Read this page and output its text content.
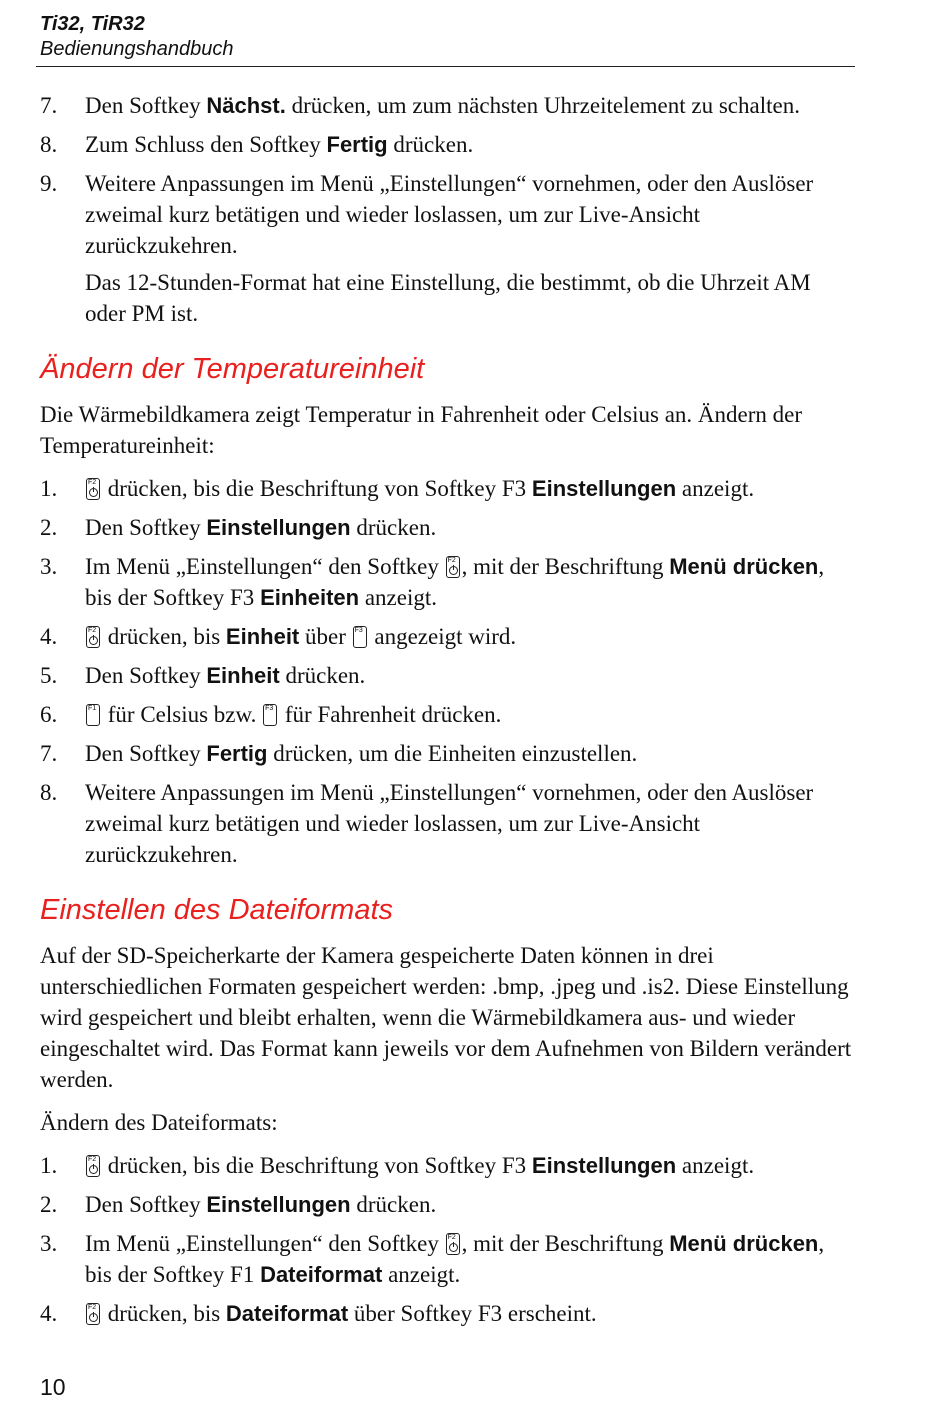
Ti32, TiR32
Bedienungshandbuch
7. Den Softkey Nächst. drücken, um zum nächsten Uhrzeitelement zu schalten.
8. Zum Schluss den Softkey Fertig drücken.
9. Weitere Anpassungen im Menü „Einstellungen“ vornehmen, oder den Auslöser zweimal kurz betätigen und wieder loslassen, um zur Live-Ansicht zurückzukehren.
Das 12-Stunden-Format hat eine Einstellung, die bestimmt, ob die Uhrzeit AM oder PM ist.
Ändern der Temperatureinheit
Die Wärmebildkamera zeigt Temperatur in Fahrenheit oder Celsius an. Ändern der Temperatureinheit:
1.	F2 drücken, bis die Beschriftung von Softkey F3 Einstellungen anzeigt.
2. Den Softkey Einstellungen drücken.
3. Im Menü „Einstellungen“ den Softkey F2 , mit der Beschriftung Menü drücken, bis der Softkey F3 Einheiten anzeigt.
4.	F2 drücken, bis Einheit über F3 angezeigt wird.
5. Den Softkey Einheit drücken.
6.	F1 für Celsius bzw. F3 für Fahrenheit drücken.
7. Den Softkey Fertig drücken, um die Einheiten einzustellen.
8. Weitere Anpassungen im Menü „Einstellungen“ vornehmen, oder den Auslöser zweimal kurz betätigen und wieder loslassen, um zur Live-Ansicht zurückzukehren.
Einstellen des Dateiformats
Auf der SD-Speicherkarte der Kamera gespeicherte Daten können in drei unterschiedlichen Formaten gespeichert werden: .bmp, .jpeg und .is2. Diese Einstellung wird gespeichert und bleibt erhalten, wenn die Wärmebildkamera aus- und wieder eingeschaltet wird. Das Format kann jeweils vor dem Aufnehmen von Bildern verändert werden.
Ändern des Dateiformats:
1.	F2 drücken, bis die Beschriftung von Softkey F3 Einstellungen anzeigt.
2. Den Softkey Einstellungen drücken.
3. Im Menü „Einstellungen“ den Softkey F2 , mit der Beschriftung Menü drücken, bis der Softkey F1 Dateiformat anzeigt.
4.	F2 drücken, bis Dateiformat über Softkey F3 erscheint.
10
